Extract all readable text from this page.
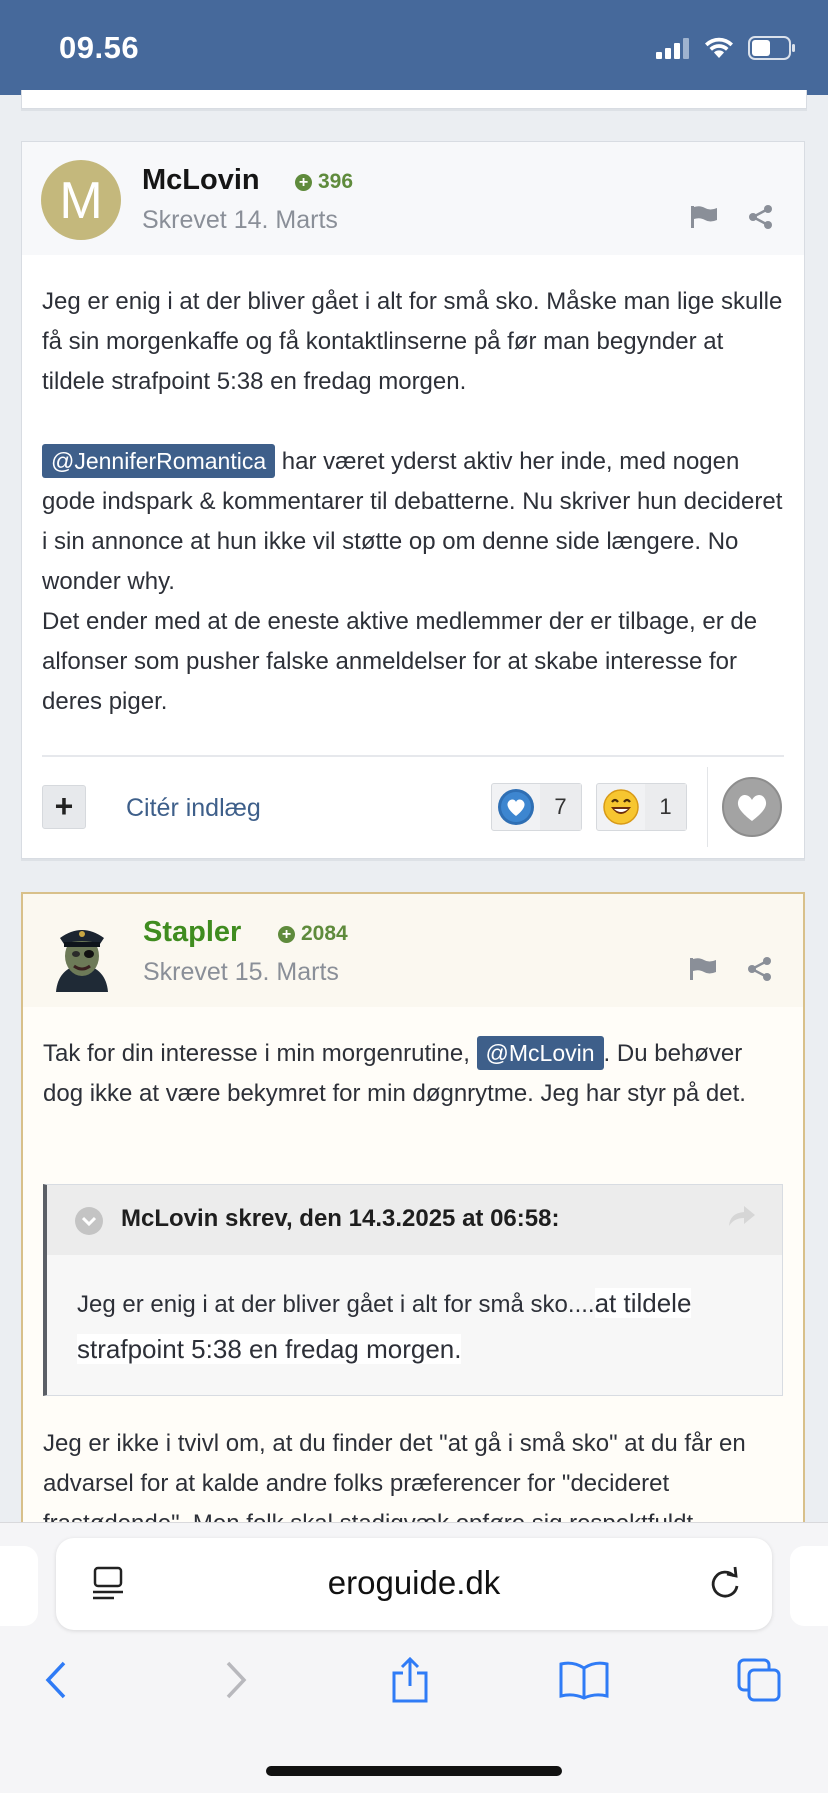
09.56
M	McLovin + 396
Skrevet 14. Marts

Jeg er enig i at der bliver gået i alt for små sko. Måske man lige skulle få sin morgenkaffe og få kontaktlinserne på før man begynder at tildele strafpoint 5:38 en fredag morgen.

@JenniferRomantica har været yderst aktiv her inde, med nogen gode indspark & kommentarer til debatterne. Nu skriver hun decideret i sin annonce at hun ikke vil støtte op om denne side længere. No wonder why.

Det ender med at de eneste aktive medlemmer der er tilbage, er de alfonser som pusher falske anmeldelser for at skabe interesse for deres piger.

+	Citér indlæg	7	1
Stapler	+ 2084
Skrevet 15. Marts

Tak for din interesse i min morgenrutine, @McLovin . Du behøver dog ikke at være bekymret for min døgnrytme. Jeg har styr på det.

McLovin skrev, den 14.3.2025 at 06:58:
Jeg er enig i at der bliver gået i alt for små sko....at tildele strafpoint 5:38 en fredag morgen.
Jeg er ikke i tvivl om, at du finder det "at gå i små sko" at du får en advarsel for at kalde andre folks præferencer for "decideret
eroguide.dk
